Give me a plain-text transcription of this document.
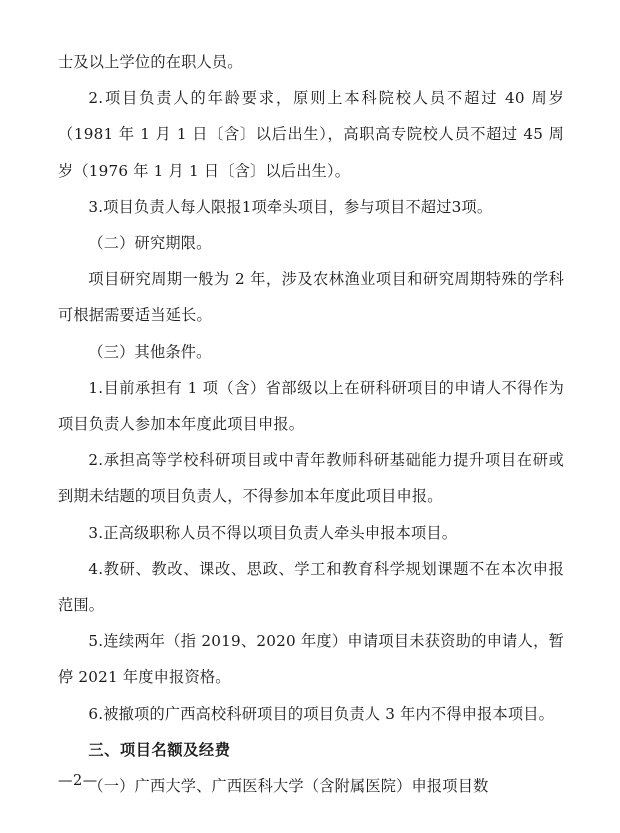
士及以上学位的在职人员。

2.项目负责人的年龄要求，原则上本科院校人员不超过 40 周岁（1981 年 1 月 1 日〔含〕以后出生），高职高专院校人员不超过 45 周岁（1976 年 1 月 1 日〔含〕以后出生）。

3.项目负责人每人限报1项牵头项目，参与项目不超过3项。

（二）研究期限。

项目研究周期一般为 2 年，涉及农林渔业项目和研究周期特殊的学科可根据需要适当延长。

（三）其他条件。

1.目前承担有 1 项（含）省部级以上在研科研项目的申请人不得作为项目负责人参加本年度此项目申报。

2.承担高等学校科研项目或中青年教师科研基础能力提升项目在研或到期未结题的项目负责人，不得参加本年度此项目申报。

3.正高级职称人员不得以项目负责人牵头申报本项目。

4.教研、教改、课改、思政、学工和教育科学规划课题不在本次申报范围。

5.连续两年（指 2019、2020 年度）申请项目未获资助的申请人，暂停 2021 年度申报资格。

6.被撤项的广西高校科研项目的项目负责人 3 年内不得申报本项目。

三、项目名额及经费

（一）广西大学、广西医科大学（含附属医院）申报项目数

—2—
